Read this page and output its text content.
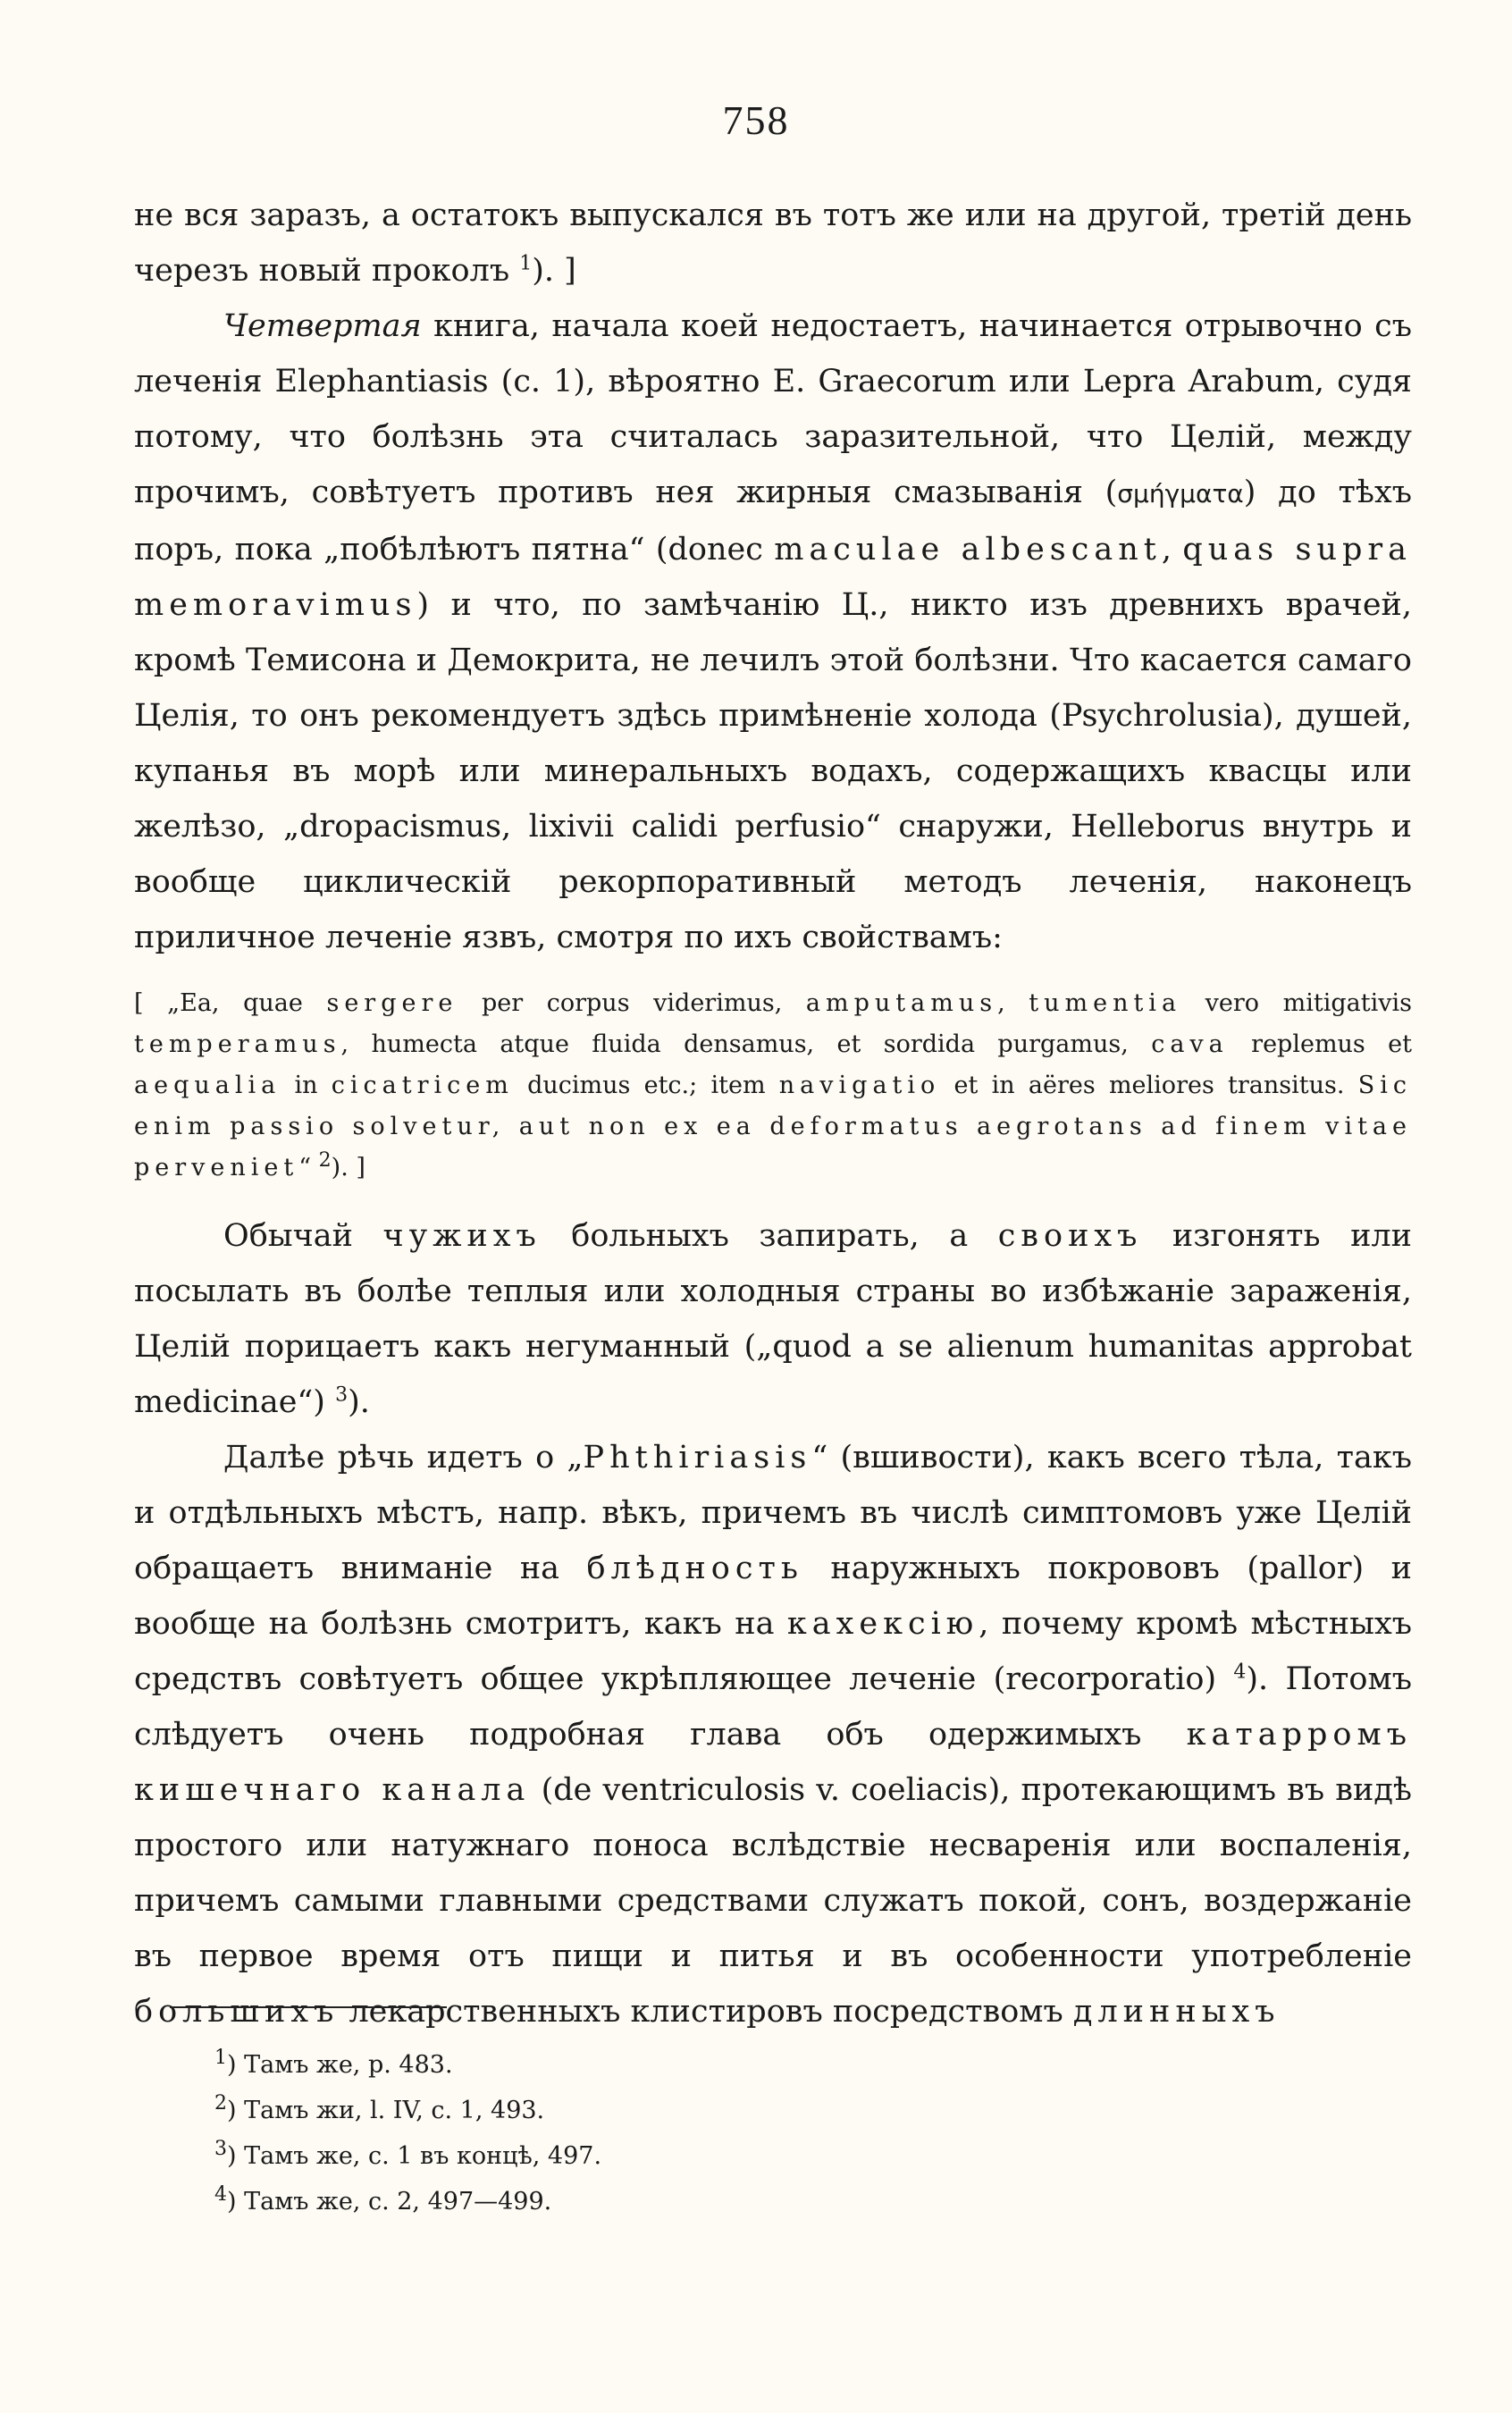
758

не вся заразъ, а остатокъ выпускался въ тотъ же или на другой, третій день черезъ новый проколъ $^1$). ]

Четвертая книга, начала коей недостаетъ, начинается отрывочно съ леченія Elephantiasis (c. 1), вѣроятно E. Graecorum или Lepra Arabum, судя потому, что болѣзнь эта считалась заразительной, что Целій, между прочимъ, совѣтуетъ противъ нея жирныя смазыванія (σμήγματα) до тѣхъ поръ, пока „побѣлѣютъ пятна“ (donec maculae albescant, quas supra memoravimus) и что, по замѣчанію Ц., никто изъ древнихъ врачей, кромѣ Темисона и Демокрита, не лечилъ этой болѣзни. Что касается самаго Целія, то онъ рекомендуетъ здѣсь примѣненіе холода (Psychrolusia), душей, купанья въ морѣ или минеральныхъ водахъ, содержащихъ квасцы или желѣзо, „dropacismus, lixivii calidi perfusio“ снаружи, Helleborus внутрь и вообще циклическій рекорпоративный методъ леченія, наконецъ приличное леченіе язвъ, смотря по ихъ свойствамъ:

[ „Ea, quae sergere per corpus viderimus, amputamus, tumentia vero mitigativis temperamus, humecta atque fluida densamus, et sordida purgamus, cava replemus et aequalia in cicatricem ducimus etc.; item navigatio et in aëres meliores transitus. Sic enim passio solvetur, aut non ex ea deformatus aegrotans ad finem vitae perveniet“ $^2$). ]

Обычай чужихъ больныхъ запирать, а своихъ изгонять или посылать въ болѣе теплыя или холодныя страны во избѣжаніе зараженія, Целій порицаетъ какъ негуманный („quod a se alienum humanitas approbat medicinae“) $^3$).

Далѣе рѣчь идетъ о „Phthiriasis“ (вшивости), какъ всего тѣла, такъ и отдѣльныхъ мѣстъ, напр. вѣкъ, причемъ въ числѣ симптомовъ уже Целій обращаетъ вниманіе на блѣдность наружныхъ покрововъ (pallor) и вообще на болѣзнь смотритъ, какъ на кахексію, почему кромѣ мѣстныхъ средствъ совѣтуетъ общее укрѣпляющее леченіе (recorporatio) $^4$). Потомъ слѣдуетъ очень подробная глава объ одержимыхъ катарромъ кишечнаго канала (de ventriculosis v. coeliacis), протекающимъ въ видѣ простого или натужнаго поноса вслѣдствіе несваренія или воспаленія, причемъ самыми главными средствами служатъ покой, сонъ, воздержаніе въ первое время отъ пищи и питья и въ особенности употребленіе большихъ лекарственныхъ клистировъ посредствомъ длинныхъ

$^1$) Тамъ же, p. 483.
$^2$) Тамъ жи, l. IV, c. 1, 493.
$^3$) Тамъ же, c. 1 въ концѣ, 497.
$^4$) Тамъ же, c. 2, 497—499.
